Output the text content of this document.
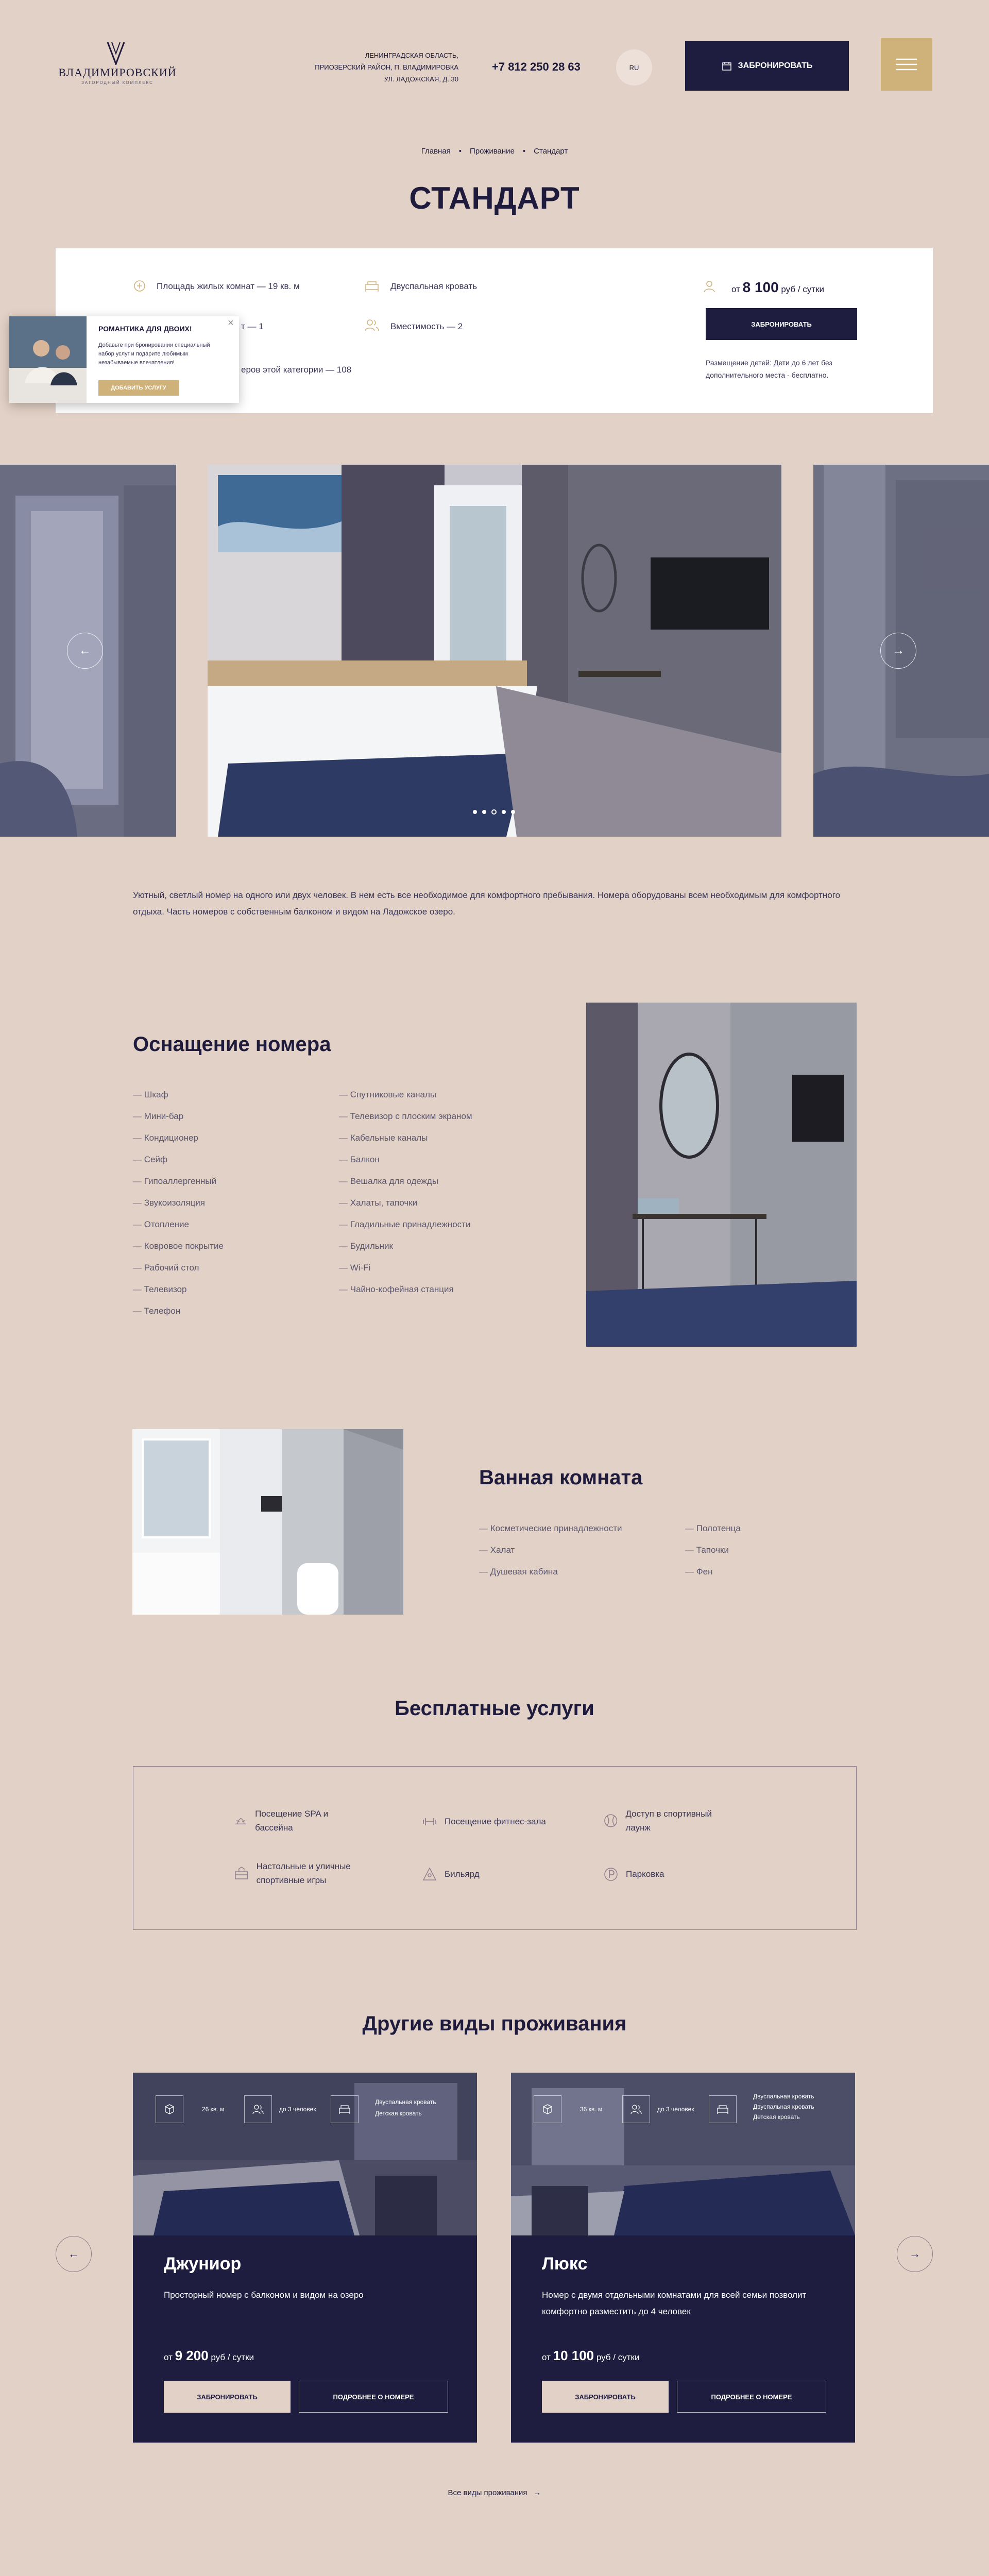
ВЛАДИМИРОВСКИЙ
ЗАГОРОДНЫЙ КОМПЛЕКС
ЛЕНИНГРАДСКАЯ ОБЛАСТЬ,
ПРИОЗЕРСКИЙ РАЙОН, П. ВЛАДИМИРОВКА
УЛ. ЛАДОЖСКАЯ, Д. 30
+7 812 250 28 63	RU	ЗАБРОНИРОВАТЬ
Главная • Проживание • Стандарт
СТАНДАРТ
Площадь жилых комнат — 19 кв. м	Двуспальная кровать
т — 1	Вместимость — 2
еров этой категории — 108
от 8 100 руб / сутки
ЗАБРОНИРОВАТЬ
Размещение детей: Дети до 6 лет без дополнительного места - бесплатно.
РОМАНТИКА ДЛЯ ДВОИХ!
Добавьте при бронировании специальный набор услуг и подарите любимым незабываемые впечатления!
ДОБАВИТЬ УСЛУГУ
×
←	→
Уютный, светлый номер на одного или двух человек. В нем есть все необходимое для комфортного пребывания. Номера оборудованы всем необходимым для комфортного отдыха. Часть номеров с собственным балконом и видом на Ладожское озеро.
Оснащение номера
— Шкаф
— Мини-бар
— Кондиционер
— Сейф
— Гипоаллергенный
— Звукоизоляция
— Отопление
— Ковровое покрытие
— Рабочий стол
— Телевизор
— Телефон
— Спутниковые каналы
— Телевизор с плоским экраном
— Кабельные каналы
— Балкон
— Вешалка для одежды
— Халаты, тапочки
— Гладильные принадлежности
— Будильник
— Wi-Fi
— Чайно-кофейная станция
Ванная комната
— Косметические принадлежности
— Халат
— Душевая кабина
— Полотенца
— Тапочки
— Фен
Бесплатные услуги
Посещение SPA и бассейна
Посещение фитнес-зала
Доступ в спортивный лаунж
Настольные и уличные спортивные игры
Бильярд	Парковка
Другие виды проживания
←	→
26 кв. м	до 3 человек
Двуспальная кровать
Детская кровать
Джуниор
Просторный номер с балконом и видом на озеро
от 9 200 руб / сутки
ЗАБРОНИРОВАТЬ	ПОДРОБНЕЕ О НОМЕРЕ
36 кв. м	до 3 человек
Двуспальная кровать
Двуспальная кровать
Детская кровать
Люкс
Номер с двумя отдельными комнатами для всей семьи позволит комфортно разместить до 4 человек
от 10 100 руб / сутки
ЗАБРОНИРОВАТЬ	ПОДРОБНЕЕ О НОМЕРЕ
Все виды проживания →
